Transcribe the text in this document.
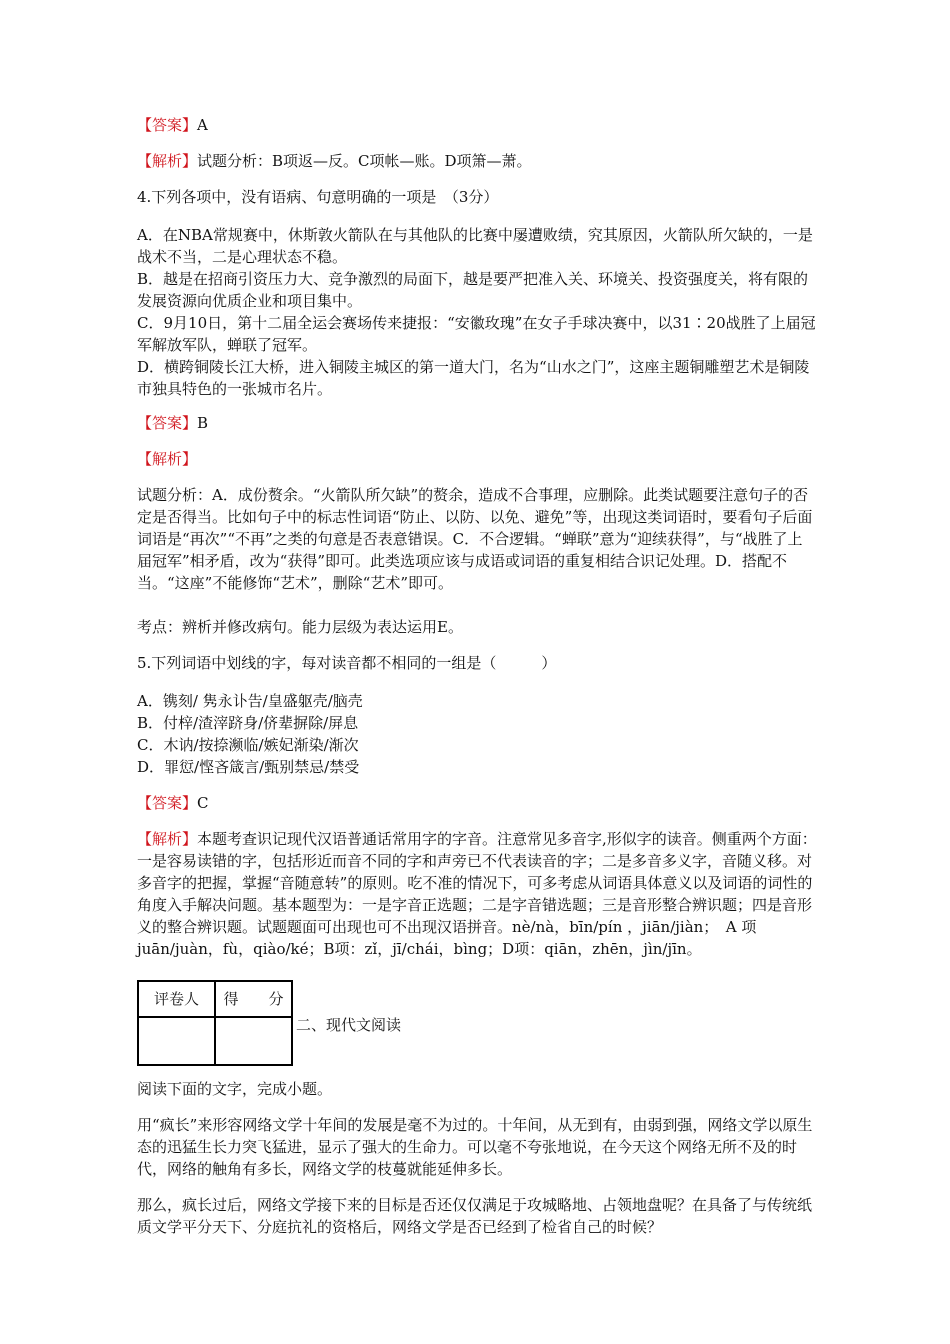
【答案】A

【解析】试题分析：B项返—反。C项帐—账。D项箫—萧。

4.下列各项中，没有语病、句意明确的一项是　（3分）

A．在NBA常规赛中，休斯敦火箭队在与其他队的比赛中屡遭败绩，究其原因，火箭队所欠缺的，一是战术不当，二是心理状态不稳。

B．越是在招商引资压力大、竞争激烈的局面下，越是要严把准入关、环境关、投资强度关，将有限的发展资源向优质企业和项目集中。

C．9月10日，第十二届全运会赛场传来捷报：“安徽玫瑰”在女子手球决赛中，以31∶20战胜了上届冠军解放军队，蝉联了冠军。

D．横跨铜陵长江大桥，进入铜陵主城区的第一道大门，名为“山水之门”，这座主题铜雕塑艺术是铜陵市独具特色的一张城市名片。

【答案】B

【解析】

试题分析：A．成份赘余。“火箭队所欠缺”的赘余，造成不合事理，应删除。此类试题要注意句子的否定是否得当。比如句子中的标志性词语“防止、以防、以免、避免”等，出现这类词语时，要看句子后面词语是“再次”“不再”之类的句意是否表意错误。C．不合逻辑。“蝉联”意为“迎续获得”，与“战胜了上届冠军”相矛盾，改为“获得”即可。此类选项应该与成语或词语的重复相结合识记处理。D．搭配不当。“这座”不能修饰“艺术”，删除“艺术”即可。

考点：辨析并修改病句。能力层级为表达运用E。

5.下列词语中划线的字，每对读音都不相同的一组是（　　　）

A．镌刻/ 隽永讣告/皇盛躯壳/脑壳

B．付梓/渣滓跻身/侪辈摒除/屏息

C．木讷/按捺濒临/嫉妃渐染/渐次

D．罪愆/悭吝箴言/甄别禁忌/禁受

【答案】C

【解析】本题考查识记现代汉语普通话常用字的字音。注意常见多音字,形似字的读音。侧重两个方面：一是容易读错的字，包括形近而音不同的字和声旁已不代表读音的字；二是多音多义字，音随义移。对多音字的把握，掌握“音随意转”的原则。吃不准的情况下，可多考虑从词语具体意义以及词语的词性的角度入手解决问题。基本题型为：一是字音正选题；二是字音错选题；三是音形整合辨识题；四是音形义的整合辨识题。试题题面可出现也可不出现汉语拼音。nè/nà，bīn/pín ，jiān/jiàn；　A 项 juān/juàn，fù，qiào/ké；B项：zǐ，jī/chái，bìng；D项：qiān，zhēn，jìn/jīn。

评卷人	得　　分

二、现代文阅读

阅读下面的文字，完成小题。

用“疯长”来形容网络文学十年间的发展是毫不为过的。十年间，从无到有，由弱到强，网络文学以原生态的迅猛生长力突飞猛进，显示了强大的生命力。可以毫不夸张地说，在今天这个网络无所不及的时代，网络的触角有多长，网络文学的枝蔓就能延伸多长。

那么，疯长过后，网络文学接下来的目标是否还仅仅满足于攻城略地、占领地盘呢？在具备了与传统纸质文学平分天下、分庭抗礼的资格后，网络文学是否已经到了检省自己的时候？
